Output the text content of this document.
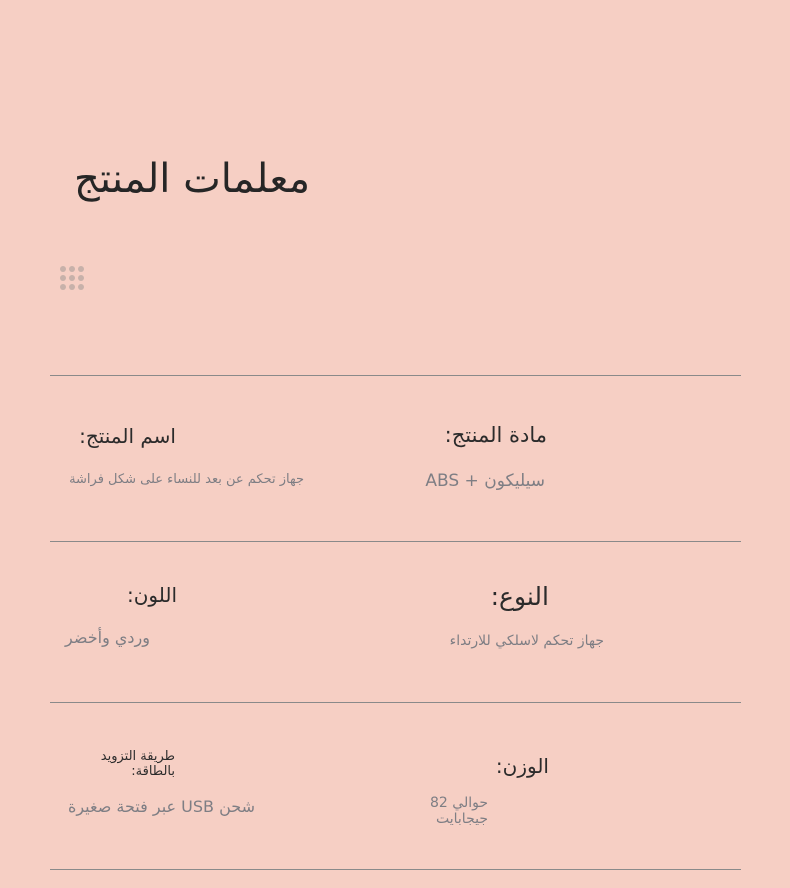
معلمات المنتج
اسم المنتج:
جهاز تحكم عن بعد للنساء على شكل فراشة
مادة المنتج:
سيليكون + ABS
اللون:
وردي وأخضر
النوع:
جهاز تحكم لاسلكي للارتداء
طريقة التزويد
بالطاقة:
شحن USB عبر فتحة صغيرة
الوزن:
حوالي 82
جيجابايت
